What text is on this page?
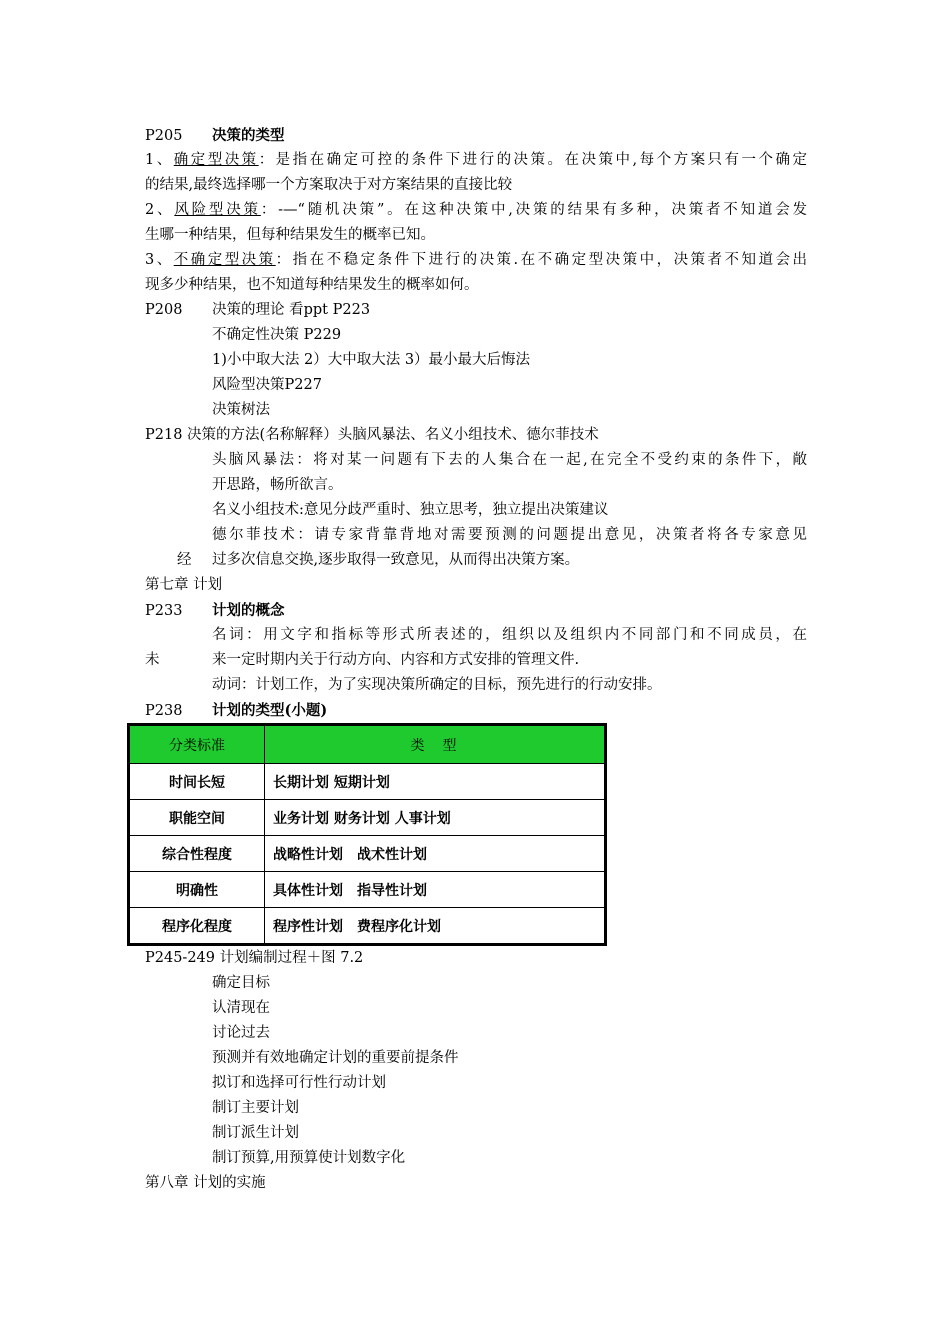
P205 决策的类型
1、确定型决策：是指在确定可控的条件下进行的决策。在决策中,每个方案只有一个确定
的结果,最终选择哪一个方案取决于对方案结果的直接比较
2、风险型决策：-—“随机决策”。在这种决策中,决策的结果有多种，决策者不知道会发
生哪一种结果，但每种结果发生的概率已知。
3、不确定型决策：指在不稳定条件下进行的决策.在不确定型决策中，决策者不知道会出
现多少种结果，也不知道每种结果发生的概率如何。
P208 决策的理论 看ppt P223
不确定性决策 P229
1)小中取大法 2）大中取大法 3）最小最大后悔法
风险型决策P227
决策树法
P218 决策的方法(名称解释）头脑风暴法、名义小组技术、德尔菲技术
头脑风暴法：将对某一问题有下去的人集合在一起,在完全不受约束的条件下，敞
开思路，畅所欲言。
名义小组技术:意见分歧严重时、独立思考，独立提出决策建议
德尔菲技术：请专家背靠背地对需要预测的问题提出意见，决策者将各专家意见
经 过多次信息交换,逐步取得一致意见，从而得出决策方案。
第七章 计划
P233 计划的概念
名词：用文字和指标等形式所表述的，组织以及组织内不同部门和不同成员，在
未	来一定时期内关于行动方向、内容和方式安排的管理文件.
动词：计划工作，为了实现决策所确定的目标，预先进行的行动安排。
P238 计划的类型(小题)
分类标准	类　型
时间长短	长期计划 短期计划
职能空间	业务计划 财务计划 人事计划
综合性程度	战略性计划　战术性计划
明确性	具体性计划　指导性计划
程序化程度	程序性计划　费程序化计划
P245-249 计划编制过程＋图 7.2
确定目标
认清现在
讨论过去
预测并有效地确定计划的重要前提条件
拟订和选择可行性行动计划
制订主要计划
制订派生计划
制订预算,用预算使计划数字化
第八章 计划的实施
